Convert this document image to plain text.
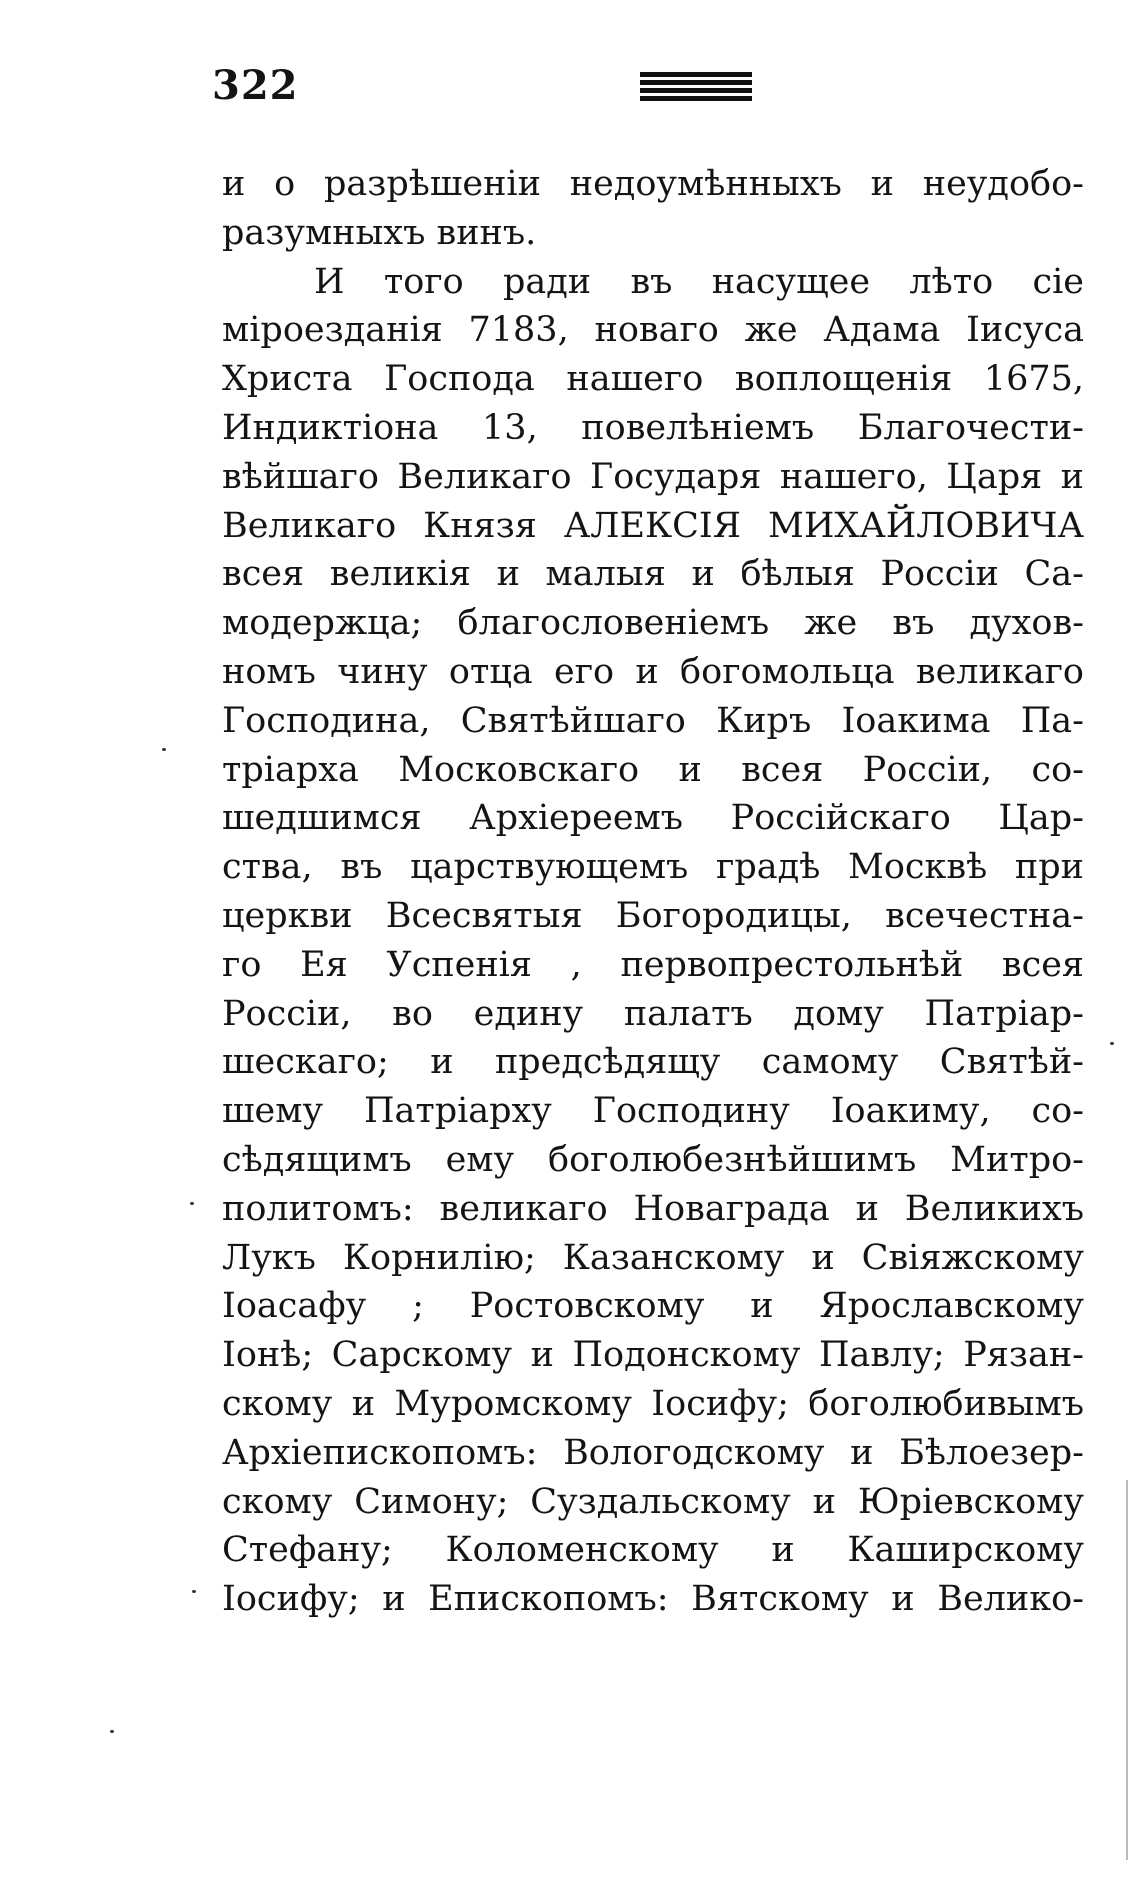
322
и о разрѣшеніи недоумѣнныхъ и неудобо-
разумныхъ винъ.
И того ради въ насущее лѣто сіе
міроезданія 7183, новаго же Адама Іисуса
Христа Господа нашего воплощенія 1675,
Индиктіона 13, повелѣніемъ Благочести-
вѣйшаго Великаго Государя нашего, Царя и
Великаго Князя АЛЕКСІЯ МИХАЙЛОВИЧА
всея великія и малыя и бѣлыя Россіи Са-
модержца; благословеніемъ же въ духов-
номъ чину отца его и богомольца великаго
Господина, Святѣйшаго Киръ Іоакима Па-
тріарха Московскаго и всея Россіи, со-
шедшимся Архіереемъ Россійскаго Цар-
ства, въ царствующемъ градѣ Москвѣ при
церкви Всесвятыя Богородицы, всечестна-
го Ея Успенія , первопрестольнѣй всея
Россіи, во едину палатъ дому Патріар-
шескаго; и предсѣдящу самому Святѣй-
шему Патріарху Господину Іоакиму, со-
сѣдящимъ ему боголюбезнѣйшимъ Митро-
политомъ: великаго Новаграда и Великихъ
Лукъ Корнилію; Казанскому и Свіяжскому
Іоасафу ; Ростовскому и Ярославскому
Іонѣ; Сарскому и Подонскому Павлу; Рязан-
скому и Муромскому Іосифу; боголюбивымъ
Архіепископомъ: Вологодскому и Бѣлоезер-
скому Симону; Суздальскому и Юріевскому
Стефану; Коломенскому и Каширскому
Іосифу; и Епископомъ: Вятскому и Велико-
